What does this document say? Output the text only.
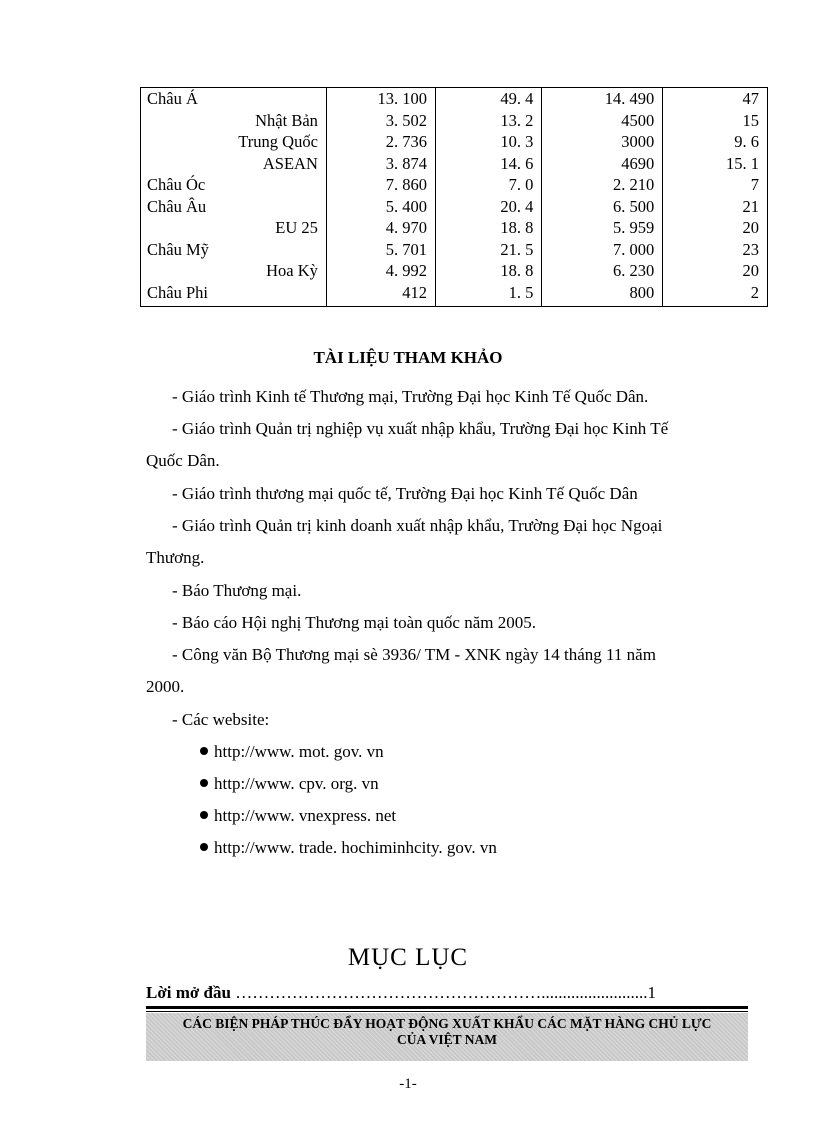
Châu Á	13. 100	49. 4	14. 490	47

Nhật Bản	3. 502	13. 2	4500	15

Trung Quốc	2. 736	10. 3	3000	9. 6

ASEAN	3. 874	14. 6	4690	15. 1
Châu Óc	7. 860	7. 0	2. 210	7
Châu Âu	5. 400	20. 4	6. 500	21

EU 25	4. 970	18. 8	5. 959	20
Châu Mỹ	5. 701	21. 5	7. 000	23

Hoa Kỳ	4. 992	18. 8	6. 230	20
Châu Phi	412	1. 5	800	2
TÀI LIỆU THAM KHẢO
- Giáo trình Kinh tế Thương mại, Trường Đại học Kinh Tế Quốc Dân.
- Giáo trình Quản trị nghiệp vụ xuất nhập khẩu, Trường Đại học Kinh Tế
Quốc Dân.
- Giáo trình thương mại quốc tế, Trường Đại học Kinh Tế Quốc Dân
- Giáo trình Quản trị kinh doanh xuất nhập khẩu, Trường Đại học Ngoại
Thương.
- Báo Thương mại.
- Báo cáo Hội nghị Thương mại toàn quốc năm 2005.
- Công văn Bộ Thương mại sè 3936/ TM - XNK ngày 14 tháng 11 năm
2000.
- Các website:
http://www. mot. gov. vn
http://www. cpv. org. vn
http://www. vnexpress. net
http://www. trade. hochiminhcity. gov. vn
MỤC LỤC
Lời mở đầu ……………………………………………….........................1
CÁC BIỆN PHÁP THÚC ĐẨY HOẠT ĐỘNG XUẤT KHẨU CÁC MẶT HÀNG CHỦ LỰC
CỦA VIỆT NAM
-1-
